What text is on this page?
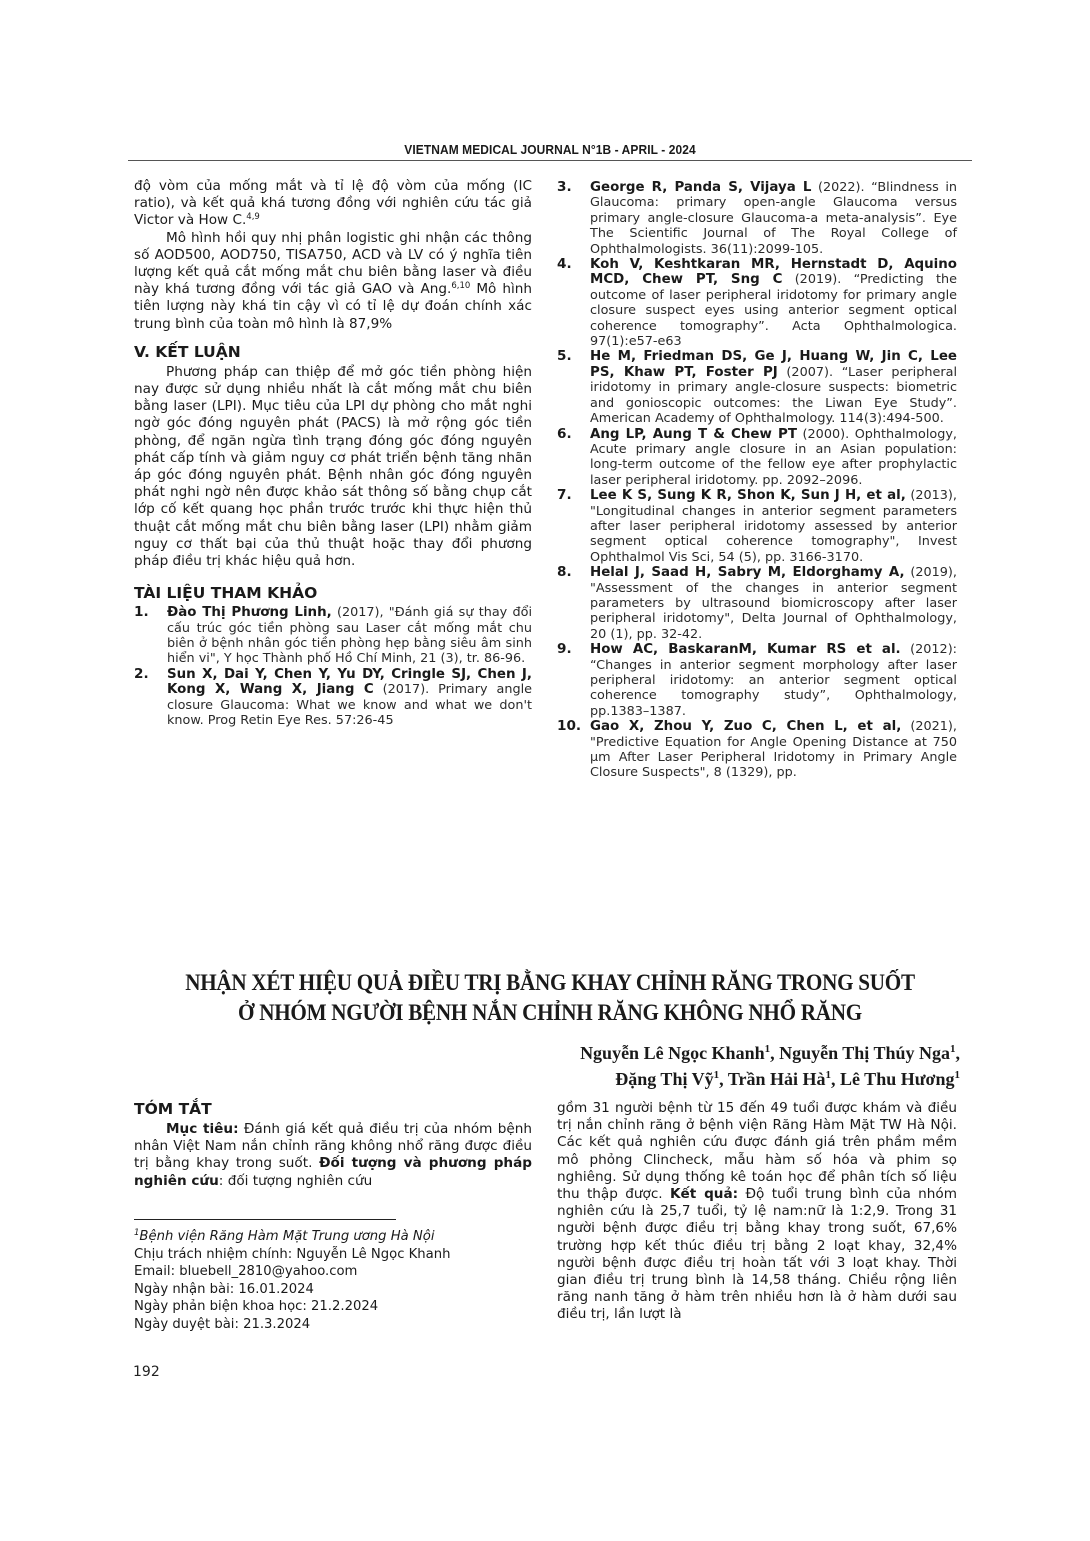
VIETNAM MEDICAL JOURNAL N°1B - APRIL - 2024

độ vòm của mống mắt và tỉ lệ độ vòm của mống (IC ratio), và kết quả khá tương đồng với nghiên cứu tác giả Victor và How C.$^{4,9}$

Mô hình hồi quy nhị phân logistic ghi nhận các thông số AOD500, AOD750, TISA750, ACD và LV có ý nghĩa tiên lượng kết quả cắt mống mắt chu biên bằng laser và điều này khá tương đồng với tác giả GAO và Ang.$^{6,10}$ Mô hình tiên lượng này khá tin cậy vì có tỉ lệ dự đoán chính xác trung bình của toàn mô hình là 87,9%

V. KẾT LUẬN

Phương pháp can thiệp để mở góc tiền phòng hiện nay được sử dụng nhiều nhất là cắt mống mắt chu biên bằng laser (LPI). Mục tiêu của LPI dự phòng cho mắt nghi ngờ góc đóng nguyên phát (PACS) là mở rộng góc tiền phòng, để ngăn ngừa tình trạng đóng góc đóng nguyên phát cấp tính và giảm nguy cơ phát triển bệnh tăng nhãn áp góc đóng nguyên phát. Bệnh nhân góc đóng nguyên phát nghi ngờ nên được khảo sát thông số bằng chụp cắt lớp cố kết quang học phần trước trước khi thực hiện thủ thuật cắt mống mắt chu biên bằng laser (LPI) nhằm giảm nguy cơ thất bại của thủ thuật hoặc thay đổi phương pháp điều trị khác hiệu quả hơn.

TÀI LIỆU THAM KHẢO
1. Đào Thị Phương Linh, (2017), "Đánh giá sự thay đổi cấu trúc góc tiền phòng sau Laser cắt mống mắt chu biên ở bệnh nhân góc tiền phòng hẹp bằng siêu âm sinh hiển vi", Y học Thành phố Hồ Chí Minh, 21 (3), tr. 86-96.
2. Sun X, Dai Y, Chen Y, Yu DY, Cringle SJ, Chen J, Kong X, Wang X, Jiang C (2017). Primary angle closure Glaucoma: What we know and what we don't know. Prog Retin Eye Res. 57:26-45
3. George R, Panda S, Vijaya L (2022). “Blindness in Glaucoma: primary open-angle Glaucoma versus primary angle-closure Glaucoma-a meta-analysis”. Eye The Scientific Journal of The Royal College of Ophthalmologists. 36(11):2099-105.
4. Koh V, Keshtkaran MR, Hernstadt D, Aquino MCD, Chew PT, Sng C (2019). “Predicting the outcome of laser peripheral iridotomy for primary angle closure suspect eyes using anterior segment optical coherence tomography”. Acta Ophthalmologica. 97(1):e57-e63
5. He M, Friedman DS, Ge J, Huang W, Jin C, Lee PS, Khaw PT, Foster PJ (2007). “Laser peripheral iridotomy in primary angle-closure suspects: biometric and gonioscopic outcomes: the Liwan Eye Study”. American Academy of Ophthalmology. 114(3):494-500.
6. Ang LP, Aung T & Chew PT (2000). Ophthalmology, Acute primary angle closure in an Asian population: long-term outcome of the fellow eye after prophylactic laser peripheral iridotomy. pp. 2092–2096.
7. Lee K S, Sung K R, Shon K, Sun J H, et al, (2013), "Longitudinal changes in anterior segment parameters after laser peripheral iridotomy assessed by anterior segment optical coherence tomography", Invest Ophthalmol Vis Sci, 54 (5), pp. 3166-3170.
8. Helal J, Saad H, Sabry M, Eldorghamy A, (2019), "Assessment of the changes in anterior segment parameters by ultrasound biomicroscopy after laser peripheral iridotomy", Delta Journal of Ophthalmology, 20 (1), pp. 32-42.
9. How AC, BaskaranM, Kumar RS et al. (2012): “Changes in anterior segment morphology after laser peripheral iridotomy: an anterior segment optical coherence tomography study”, Ophthalmology, pp.1383–1387.
10. Gao X, Zhou Y, Zuo C, Chen L, et al, (2021), "Predictive Equation for Angle Opening Distance at 750 µm After Laser Peripheral Iridotomy in Primary Angle Closure Suspects", 8 (1329), pp.
NHẬN XÉT HIỆU QUẢ ĐIỀU TRỊ BẰNG KHAY CHỈNH RĂNG TRONG SUỐT
Ở NHÓM NGƯỜI BỆNH NẮN CHỈNH RĂNG KHÔNG NHỔ RĂNG
Nguyễn Lê Ngọc Khanh$^1$, Nguyễn Thị Thúy Nga$^1$,
Đặng Thị Vỹ$^1$, Trần Hải $Hà^1$, Lê Thu Hương$^1$
TÓM TẮT

Mục tiêu: Đánh giá kết quả điều trị của nhóm bệnh nhân Việt Nam nắn chỉnh răng không nhổ răng được điều trị bằng khay trong suốt. Đối tượng và phương pháp nghiên cứu: đối tượng nghiên cứu

gồm 31 người bệnh từ 15 đến 49 tuổi được khám và điều trị nắn chỉnh răng ở bệnh viện Răng Hàm Mặt TW Hà Nội. Các kết quả nghiên cứu được đánh giá trên phầm mềm mô phỏng Clincheck, mẫu hàm số hóa và phim sọ nghiêng. Sử dụng thống kê toán học để phân tích số liệu thu thập được. Kết quả: Độ tuổi trung bình của nhóm nghiên cứu là 25,7 tuổi, tỷ lệ nam:nữ là 1:2,9. Trong 31 người bệnh được điều trị bằng khay trong suốt, 67,6% trường hợp kết thúc điều trị bằng 2 loạt khay, 32,4% người bệnh được điều trị hoàn tất với 3 loạt khay. Thời gian điều trị trung bình là 14,58 tháng. Chiều rộng liên răng nanh tăng ở hàm trên nhiều hơn là ở hàm dưới sau điều trị, lần lượt là

$^1$Bệnh viện Răng Hàm Mặt Trung ương Hà Nội
Chịu trách nhiệm chính: Nguyễn Lê Ngọc Khanh
Email: bluebell_2810@yahoo.com
Ngày nhận bài: 16.01.2024
Ngày phản biện khoa học: 21.2.2024
Ngày duyệt bài: 21.3.2024
192
